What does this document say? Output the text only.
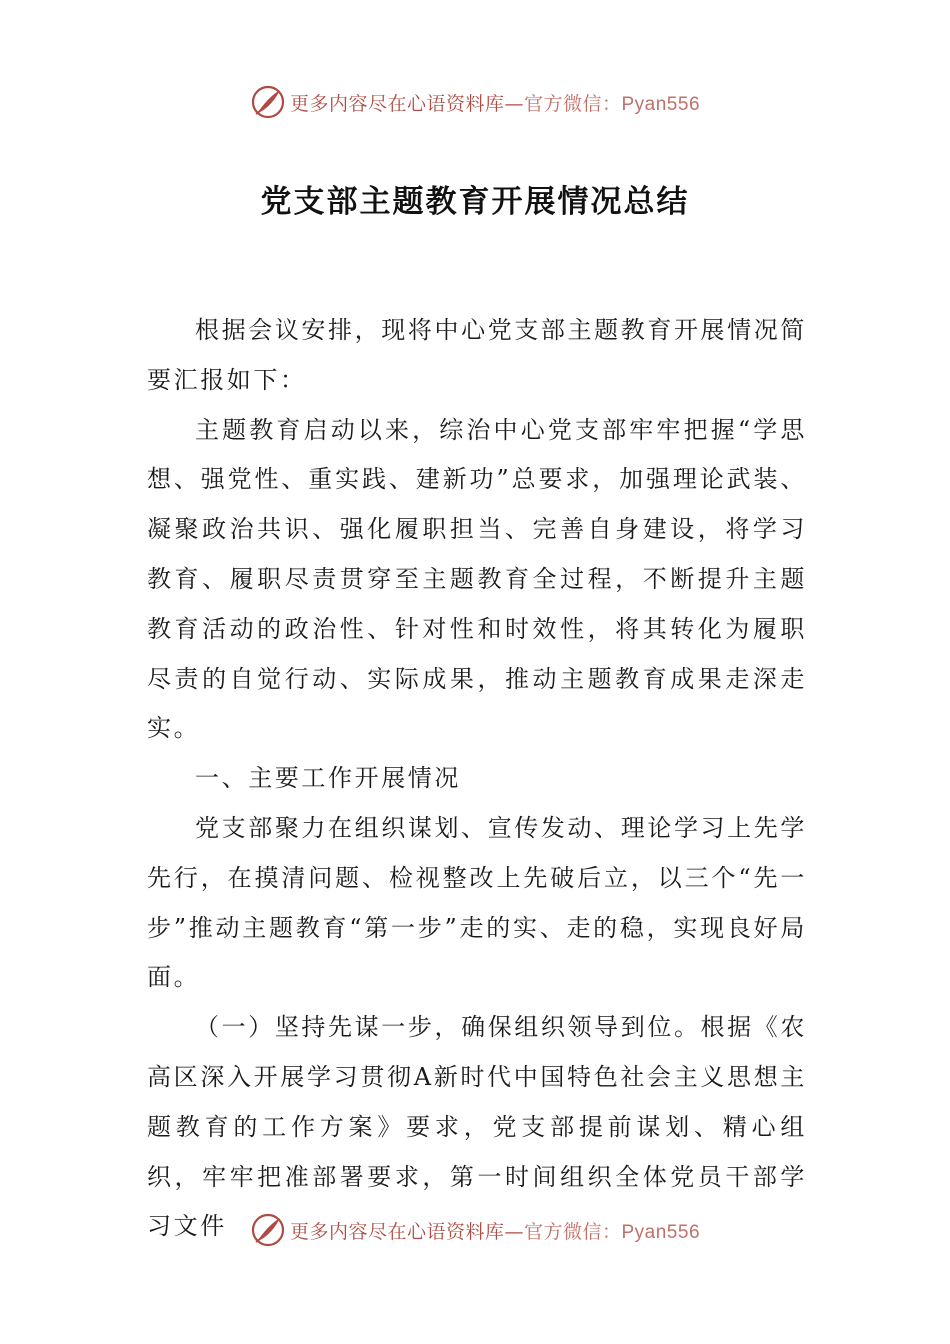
更多内容尽在心语资料库—官方微信：Pyan556
党支部主题教育开展情况总结

根据会议安排，现将中心党支部主题教育开展情况简要汇报如下：

主题教育启动以来，综治中心党支部牢牢把握“学思想、强党性、重实践、建新功”总要求，加强理论武装、凝聚政治共识、强化履职担当、完善自身建设，将学习教育、履职尽责贯穿至主题教育全过程，不断提升主题教育活动的政治性、针对性和时效性，将其转化为履职尽责的自觉行动、实际成果，推动主题教育成果走深走实。

一、主要工作开展情况

党支部聚力在组织谋划、宣传发动、理论学习上先学先行，在摸清问题、检视整改上先破后立，以三个“先一步”推动主题教育“第一步”走的实、走的稳，实现良好局面。

（一）坚持先谋一步，确保组织领导到位。根据《农高区深入开展学习贯彻A新时代中国特色社会主义思想主题教育的工作方案》要求，党支部提前谋划、精心组织，牢牢把准部署要求，第一时间组织全体党员干部学习文件	更多内容尽在心语资料库—官方微信：Pyan556
